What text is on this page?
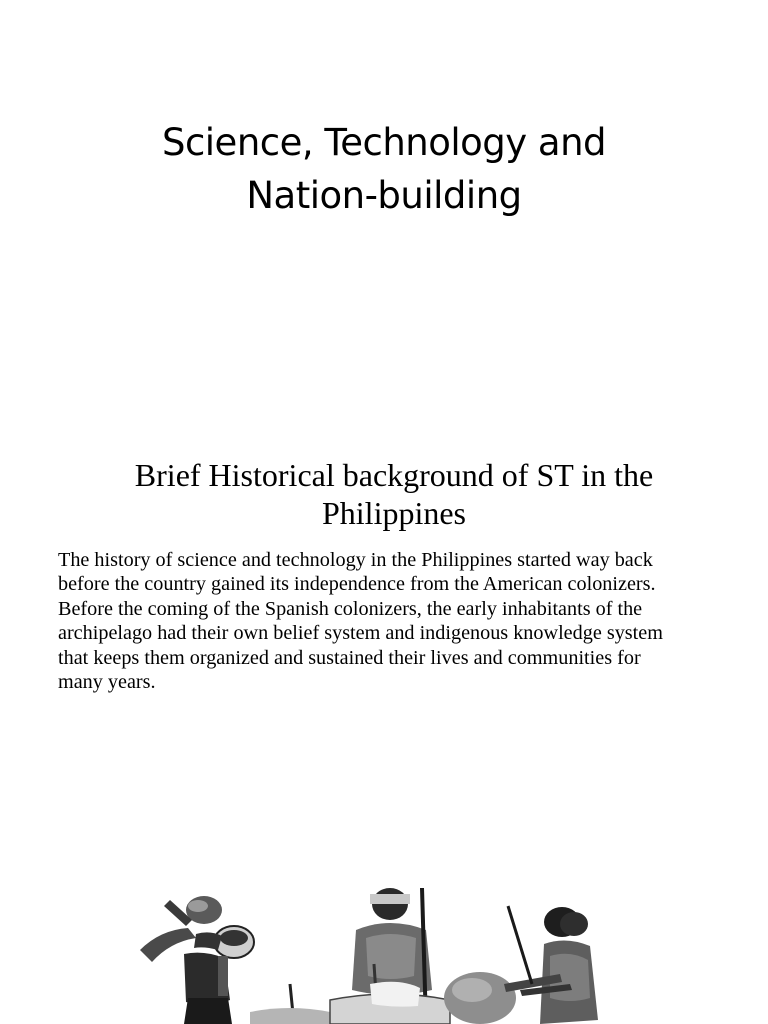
Science, Technology and
Nation-building
Brief Historical background of ST in the
Philippines

The history of science and technology in the Philippines started way back
before the country gained its independence from the American colonizers.
Before the coming of the Spanish colonizers, the early inhabitants of the
archipelago had their own belief system and indigenous knowledge system
that keeps them organized and sustained their lives and communities for
many years.
